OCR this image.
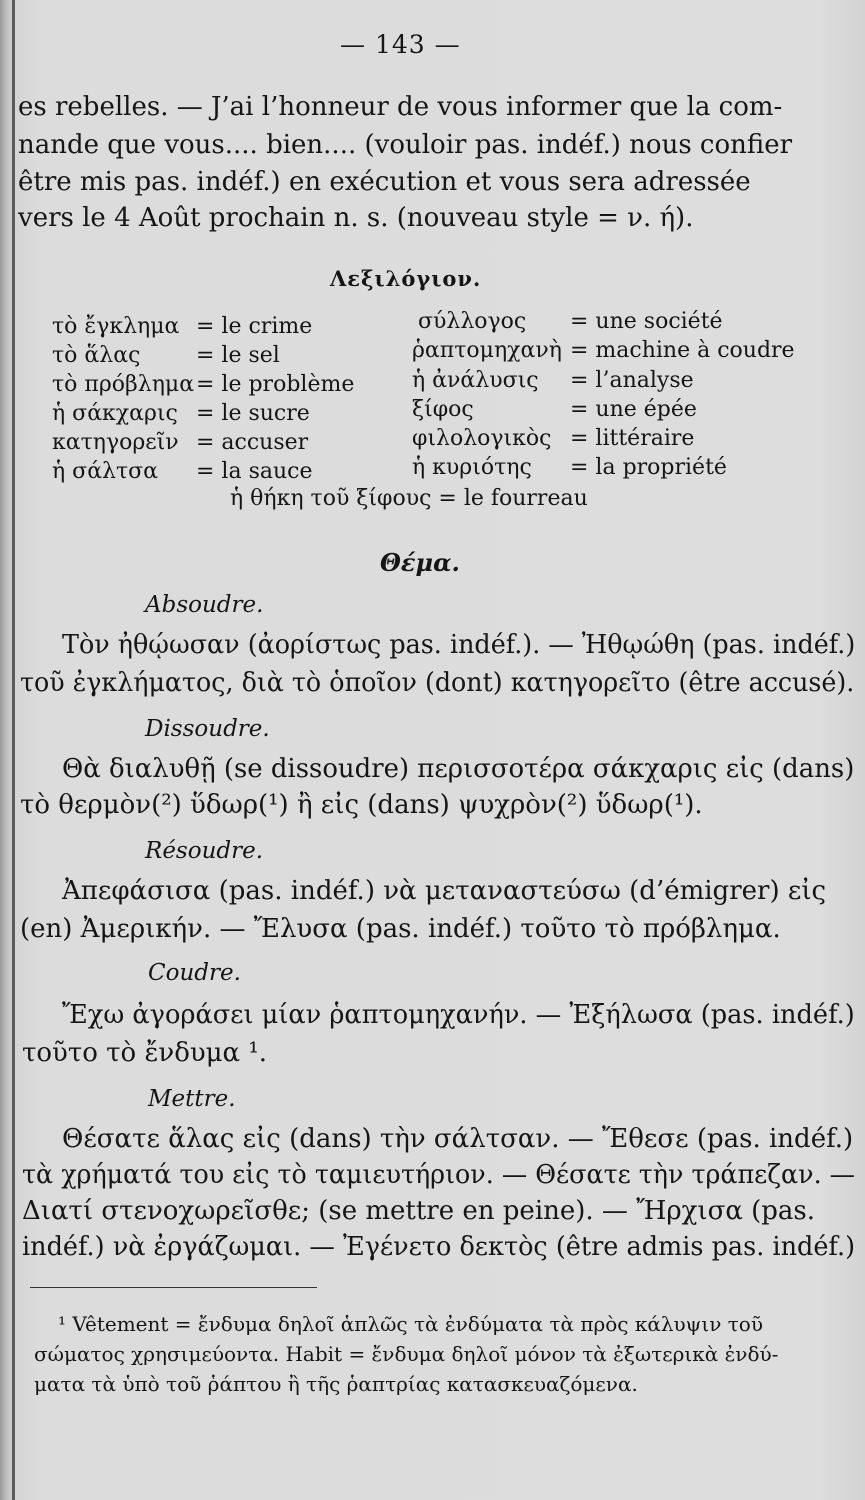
— 143 —
es rebelles. — J’ai l’honneur de vous informer que la com-
nande que vous.... bien.... (vouloir pas. indéf.) nous confier
être mis pas. indéf.) en exécution et vous sera adressée
vers le 4 Août prochain n. s. (nouveau style = ν. ή).
Λεξιλόγιον.
τὸ ἔγκλημα = le crime
τὸ ἅλας	= le sel
τὸ πρόβλημα = le problème
ἡ σάκχαρις = le sucre
κατηγορεῖν = accuser
ἡ σάλτσα = la sauce
σύλλογος = une société
ῥαπτομηχανὴ = machine à coudre
ἡ ἀνάλυσις = l’analyse
ξίφος	= une épée
φιλολογικὸς = littéraire
ἡ κυριότης = la propriété
ἡ θήκη τοῦ ξίφους = le fourreau
Θέμα.
Absoudre.
Τὸν ἠθῴωσαν (ἀορίστως pas. indéf.). — Ἠθῳώθη (pas. indéf.)
τοῦ ἐγκλήματος, διὰ τὸ ὁποῖον (dont) κατηγορεῖτο (être accusé).
Dissoudre.
Θὰ διαλυθῇ (se dissoudre) περισσοτέρα σάκχαρις εἰς (dans)
τὸ θερμὸν(²) ὕδωρ(¹) ἢ εἰς (dans) ψυχρὸν(²) ὕδωρ(¹).
Résoudre.
Ἀπεφάσισα (pas. indéf.) νὰ μεταναστεύσω (d’émigrer) εἰς
(en) Ἀμερικήν. — Ἔλυσα (pas. indéf.) τοῦτο τὸ πρόβλημα.
Coudre.
Ἔχω ἀγοράσει μίαν ῥαπτομηχανήν. — Ἐξήλωσα (pas. indéf.)
τοῦτο τὸ ἔνδυμα ¹.
Mettre.
Θέσατε ἅλας εἰς (dans) τὴν σάλτσαν. — Ἔθεσε (pas. indéf.)
τὰ χρήματά του εἰς τὸ ταμιευτήριον. — Θέσατε τὴν τράπεζαν. —
Διατί στενοχωρεῖσθε; (se mettre en peine). — Ἤρχισα (pas.
indéf.) νὰ ἐργάζωμαι. — Ἐγένετο δεκτὸς (être admis pas. indéf.)
¹ Vêtement = ἔνδυμα δηλοῖ ἁπλῶς τὰ ἐνδύματα τὰ πρὸς κάλυψιν τοῦ
σώματος χρησιμεύοντα. Habit = ἔνδυμα δηλοῖ μόνον τὰ ἐξωτερικὰ ἐνδύ-
ματα τὰ ὑπὸ τοῦ ῥάπτου ἢ τῆς ῥαπτρίας κατασκευαζόμενα.
